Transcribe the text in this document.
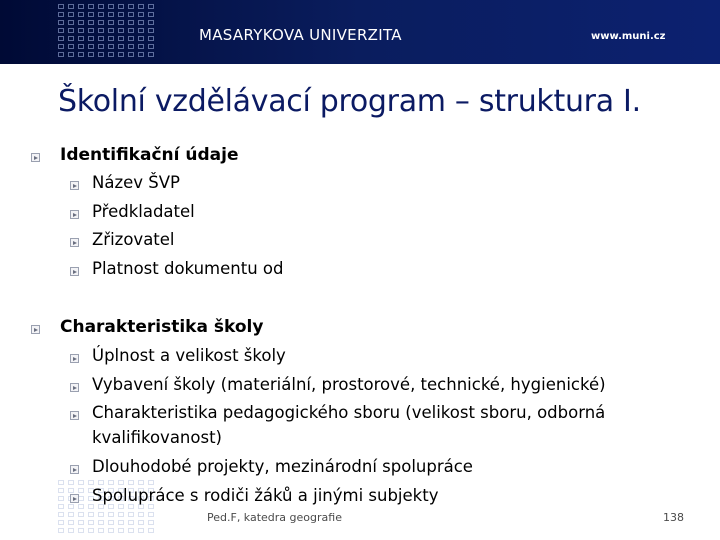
MASARYKOVA UNIVERZITA	www.muni.cz
Školní vzdělávací program – struktura I.
Identifikační údaje
Název ŠVP
Předkladatel
Zřizovatel
Platnost dokumentu od
Charakteristika školy
Úplnost a velikost školy
Vybavení školy (materiální, prostorové, technické, hygienické)
Charakteristika pedagogického sboru (velikost sboru, odborná
kvalifikovanost)
Dlouhodobé projekty, mezinárodní spolupráce
Spolupráce s rodiči žáků a jinými subjekty
Ped.F, katedra geografie	138
